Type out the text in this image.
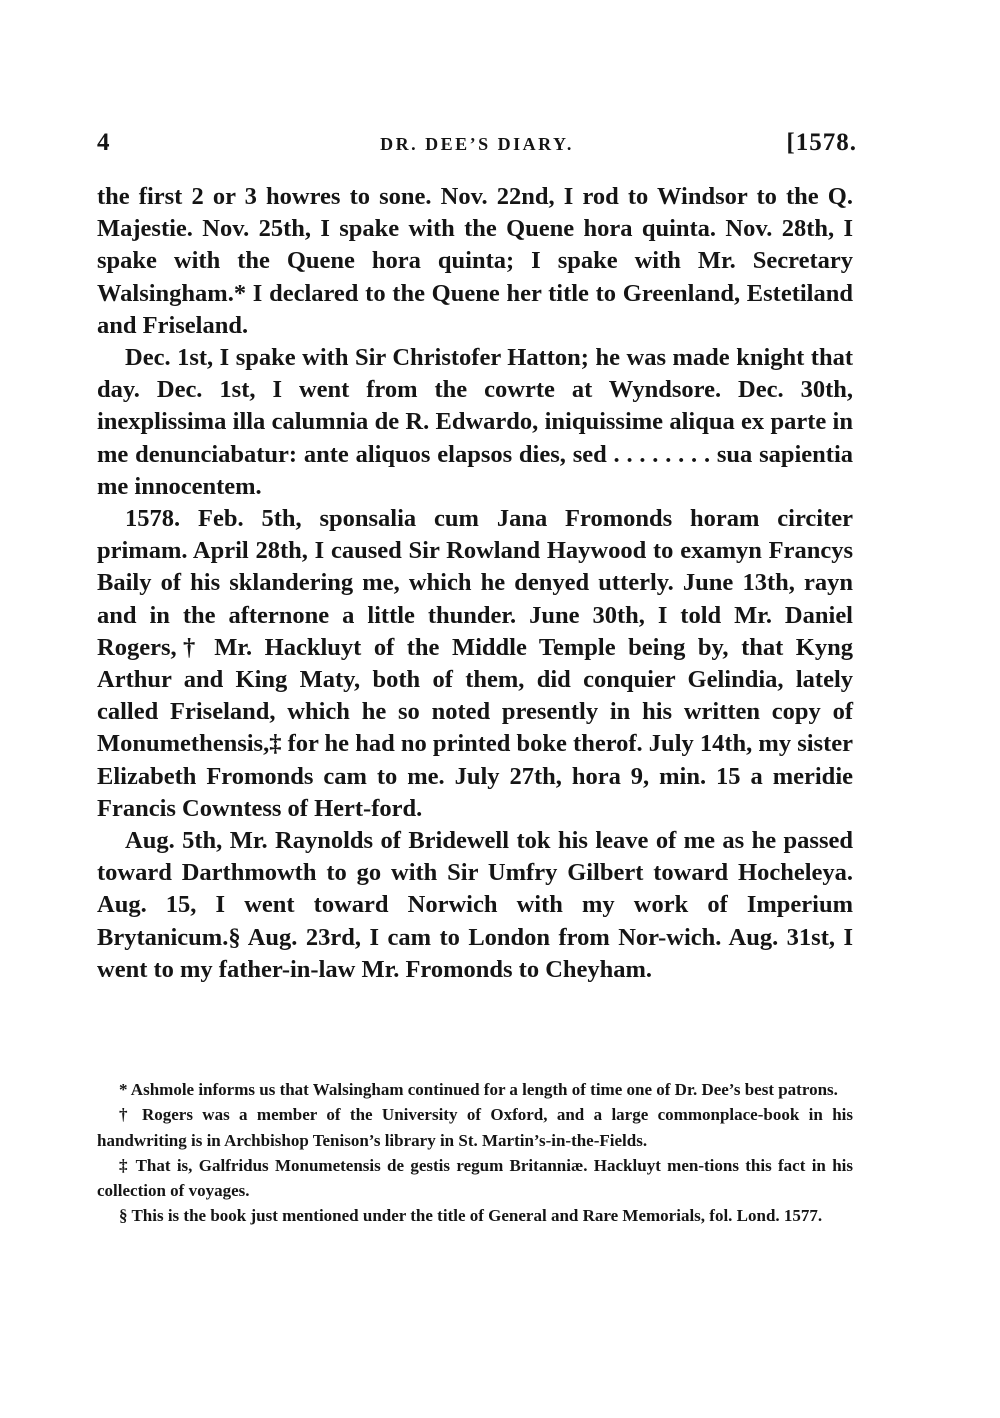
4	DR. DEE’S DIARY.	[1578.

the first 2 or 3 howres to sone. Nov. 22nd, I rod to Windsor to the Q. Majestie. Nov. 25th, I spake with the Quene hora quinta. Nov. 28th, I spake with the Quene hora quinta; I spake with Mr. Secretary Walsingham.* I declared to the Quene her title to Greenland, Estetiland and Friseland.

Dec. 1st, I spake with Sir Christofer Hatton; he was made knight that day. Dec. 1st, I went from the cowrte at Wyndsore. Dec. 30th, inexplissima illa calumnia de R. Edwardo, iniquissime aliqua ex parte in me denunciabatur: ante aliquos elapsos dies, sed . . . . . . . . sua sapientia me innocentem.

1578. Feb. 5th, sponsalia cum Jana Fromonds horam circiter primam. April 28th, I caused Sir Rowland Haywood to examyn Francys Baily of his sklandering me, which he denyed utterly. June 13th, rayn and in the afternone a little thunder. June 30th, I told Mr. Daniel Rogers,† Mr. Hackluyt of the Middle Temple being by, that Kyng Arthur and King Maty, both of them, did conquier Gelindia, lately called Friseland, which he so noted presently in his written copy of Monumethensis,‡ for he had no printed boke therof. July 14th, my sister Elizabeth Fromonds cam to me. July 27th, hora 9, min. 15 a meridie Francis Cowntess of Hert-ford.

Aug. 5th, Mr. Raynolds of Bridewell tok his leave of me as he passed toward Darthmowth to go with Sir Umfry Gilbert toward Hocheleya. Aug. 15, I went toward Norwich with my work of Imperium Brytanicum.§ Aug. 23rd, I cam to London from Nor-wich. Aug. 31st, I went to my father-in-law Mr. Fromonds to Cheyham.

* Ashmole informs us that Walsingham continued for a length of time one of Dr. Dee’s best patrons.

† Rogers was a member of the University of Oxford, and a large commonplace-book in his handwriting is in Archbishop Tenison’s library in St. Martin’s-in-the-Fields.

‡ That is, Galfridus Monumetensis de gestis regum Britanniæ. Hackluyt men-tions this fact in his collection of voyages.

§ This is the book just mentioned under the title of General and Rare Memorials, fol. Lond. 1577.
